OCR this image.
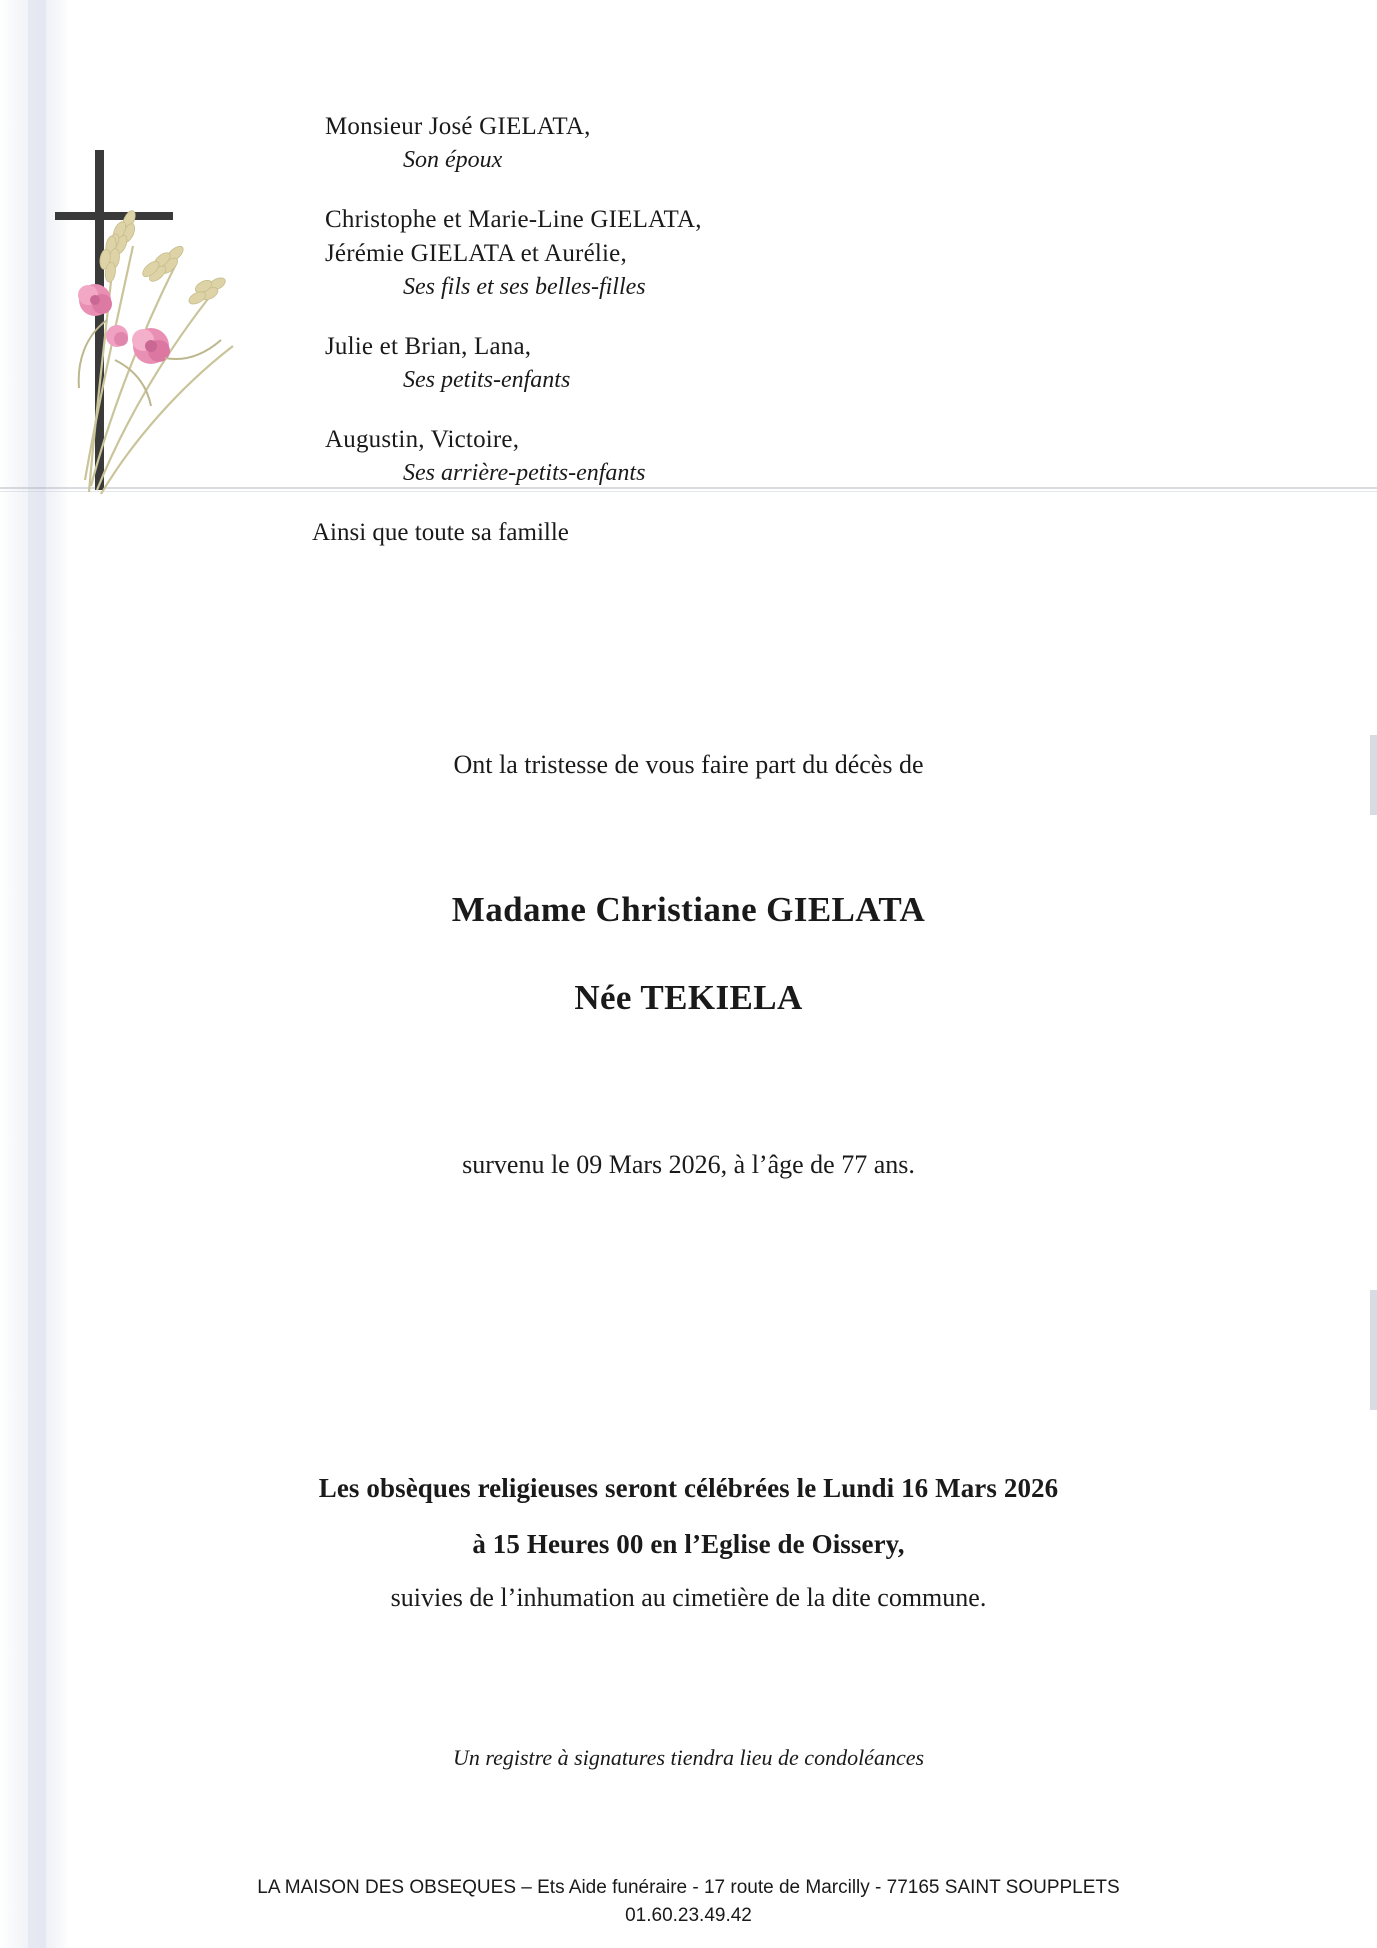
Monsieur José GIELATA,
Son époux
Christophe et Marie-Line GIELATA,
Jérémie GIELATA et Aurélie,
Ses fils et ses belles-filles
Julie et Brian, Lana,
Ses petits-enfants
Augustin, Victoire,
Ses arrière-petits-enfants
Ainsi que toute sa famille
Ont la tristesse de vous faire part du décès de
Madame Christiane GIELATA
Née TEKIELA
survenu le 09 Mars 2026, à l’âge de 77 ans.
Les obsèques religieuses seront célébrées le Lundi 16 Mars 2026
à 15 Heures 00 en l’Eglise de Oissery,
suivies de l’inhumation au cimetière de la dite commune.
Un registre à signatures tiendra lieu de condoléances
LA MAISON DES OBSEQUES – Ets Aide funéraire - 17 route de Marcilly - 77165 SAINT SOUPPLETS
01.60.23.49.42
